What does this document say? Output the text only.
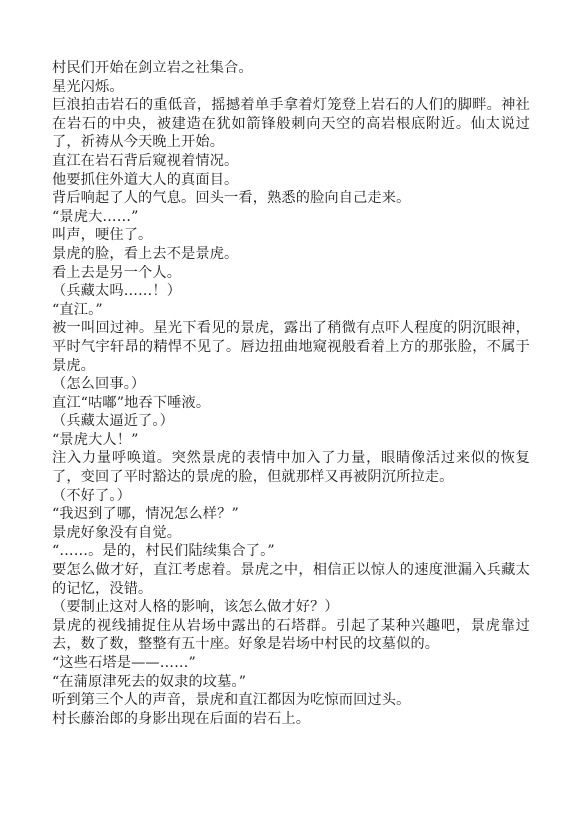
村民们开始在剑立岩之社集合。

星光闪烁。

巨浪拍击岩石的重低音，摇撼着单手拿着灯笼登上岩石的人们的脚畔。神社在岩石的中央，被建造在犹如箭锋般刺向天空的高岩根底附近。仙太说过了，祈祷从今天晚上开始。

直江在岩石背后窥视着情况。

他要抓住外道大人的真面目。

背后响起了人的气息。回头一看，熟悉的脸向自己走来。

“景虎大……”

叫声，哽住了。

景虎的脸，看上去不是景虎。

看上去是另一个人。

（兵藏太吗……！）

“直江。”

被一叫回过神。星光下看见的景虎，露出了稍微有点吓人程度的阴沉眼神，平时气宇轩昂的精悍不见了。唇边扭曲地窥视般看着上方的那张脸，不属于景虎。

（怎么回事。）

直江“咕嘟”地吞下唾液。

（兵藏太逼近了。）

“景虎大人！”

注入力量呼唤道。突然景虎的表情中加入了力量，眼睛像活过来似的恢复了，变回了平时豁达的景虎的脸，但就那样又再被阴沉所拉走。

（不好了。）

“我迟到了哪，情况怎么样？”

景虎好象没有自觉。

“……。是的，村民们陆续集合了。”

要怎么做才好，直江考虑着。景虎之中，相信正以惊人的速度泄漏入兵藏太的记忆，没错。

（要制止这对人格的影响，该怎么做才好？）

景虎的视线捕捉住从岩场中露出的石塔群。引起了某种兴趣吧，景虎靠过去，数了数，整整有五十座。好象是岩场中村民的坟墓似的。

“这些石塔是——……”

“在蒲原津死去的奴隶的坟墓。”

听到第三个人的声音，景虎和直江都因为吃惊而回过头。

村长藤治郎的身影出现在后面的岩石上。
